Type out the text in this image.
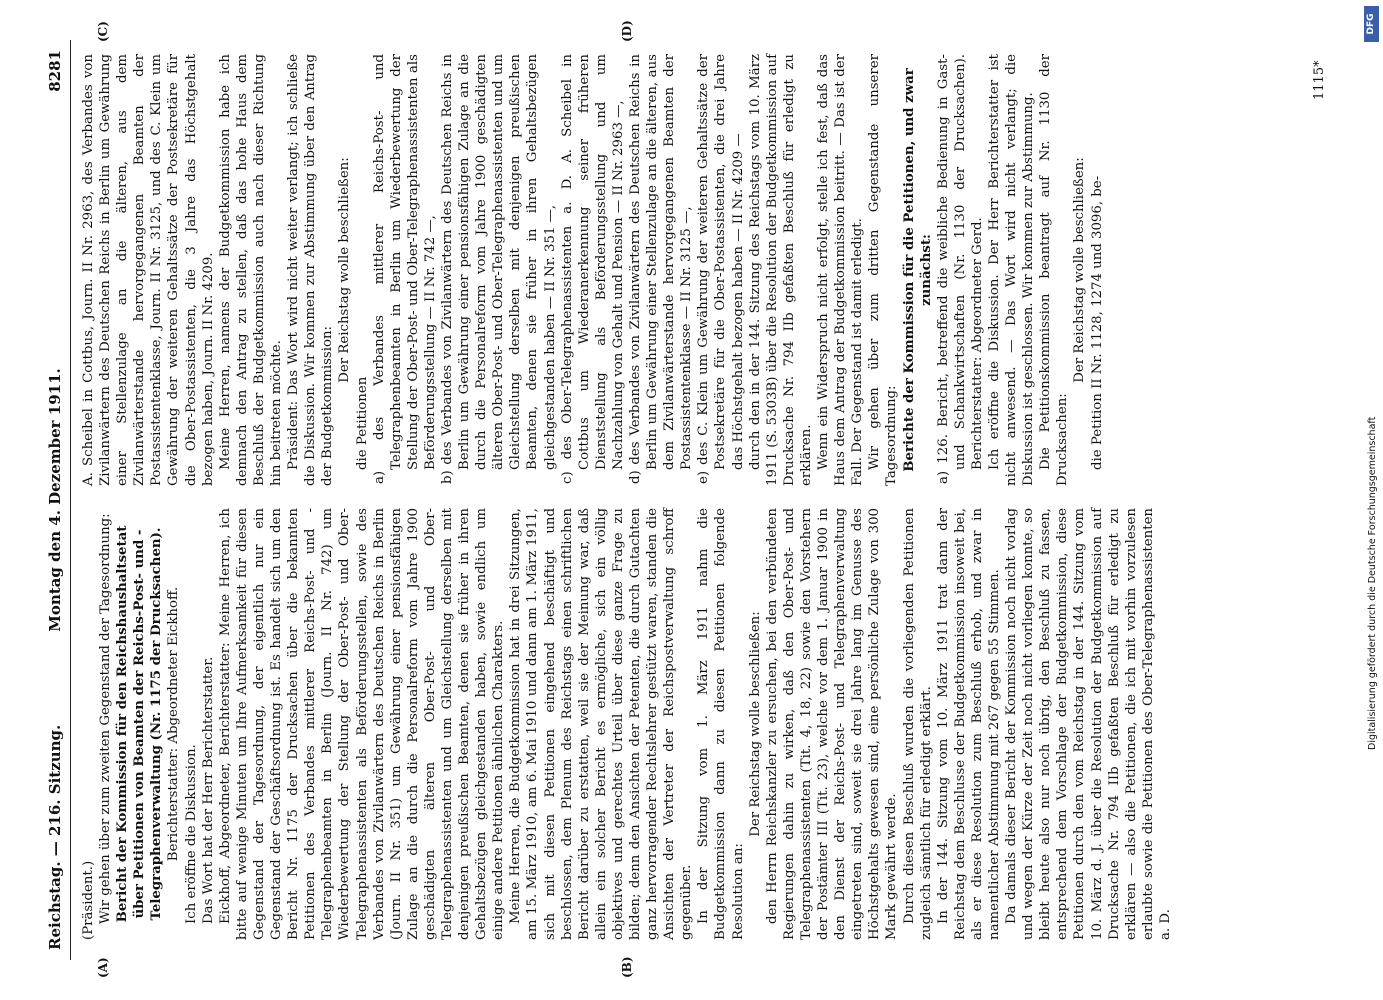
Reichstag. — 216. Sitzung.
Montag den 4. Dezember 1911.
8281
(A)	(B)
(C)	(D)

(Präsident.) Wir gehen über zum zweiten Gegenstand der Tagesordnung: Bericht der Kommission für den Reichshaushaltsetat über Petitionen von Beamten der Reichs-Post- und -Telegraphenverwaltung (Nr. 1175 der Drucksachen). Berichterstatter: Abgeordneter Eickhoff. Ich eröffne die Diskussion. Das Wort hat der Herr Berichterstatter. Eickhoff, Abgeordneter, Berichterstatter: Meine Herren, ich bitte auf wenige Minuten um Ihre Aufmerksamkeit für diesen Gegenstand der Tagesordnung, der eigentlich nur ein Gegenstand der Geschäftsordnung ist. Es handelt sich um den Bericht Nr. 1175 der Drucksachen über die bekannten Petitionen des Verbandes mittlerer Reichs-Post- und -Telegraphenbeamten in Berlin (Journ. II Nr. 742) um Wiederbewertung der Stellung der Ober-Post- und Ober-Telegraphenassistenten als Beförderungsstellen, sowie des Verbandes von Zivilanwärtern des Deutschen Reichs in Berlin (Journ. II Nr. 351) um Gewährung einer pensionsfähigen Zulage an die durch die Personalreform vom Jahre 1900 geschädigten älteren Ober-Post- und Ober-Telegraphenassistenten und um Gleichstellung derselben mit denjenigen preußischen Beamten, denen sie früher in ihren Gehaltsbezügen gleichgestanden haben, sowie endlich um einige andere Petitionen ähnlichen Charakters. Meine Herren, die Budgetkommission hat in drei Sitzungen, am 15. März 1910, am 6. Mai 1910 und dann am 1. März 1911, sich mit diesen Petitionen eingehend beschäftigt und beschlossen, dem Plenum des Reichstags einen schriftlichen Bericht darüber zu erstatten, weil sie der Meinung war, daß allein ein solcher Bericht es ermögliche, sich ein völlig objektives und gerechtes Urteil über diese ganze Frage zu bilden; denn den Ansichten der Petenten, die durch Gutachten ganz hervorragender Rechtslehrer gestützt waren, standen die Ansichten der Vertreter der Reichspostverwaltung schroff gegenüber. In der Sitzung vom 1. März 1911 nahm die Budgetkommission dann zu diesen Petitionen folgende Resolution an:

Der Reichstag wolle beschließen: den Herrn Reichskanzler zu ersuchen, bei den verbündeten Regierungen dahin zu wirken, daß den Ober-Post- und Telegraphenassistenten (Tit. 4, 18, 22) sowie den Vorstehern der Postämter III (Tit. 23), welche vor dem 1. Januar 1900 in den Dienst der Reichs-Post- und Telegraphenverwaltung eingetreten sind, soweit sie drei Jahre lang im Genusse des Höchstgehalts gewesen sind, eine persönliche Zulage von 300 Mark gewährt werde. Durch diesen Beschluß wurden die vorliegenden Petitionen zugleich sämtlich für erledigt erklärt. In der 144. Sitzung vom 10. März 1911 trat dann der Reichstag dem Beschlusse der Budgetkommission insoweit bei, als er diese Resolution zum Beschluß erhob, und zwar in namentlicher Abstimmung mit 267 gegen 55 Stimmen. Da damals dieser Bericht der Kommission noch nicht vorlag und wegen der Kürze der Zeit noch nicht vorliegen konnte, so bleibt heute also nur noch übrig, den Beschluß zu fassen, entsprechend dem Vorschlage der Budgetkommission, diese Petitionen durch den vom Reichstag in der 144. Sitzung vom 10. März d. J. über die Resolution der Budgetkommission auf Drucksache Nr. 794 IIb gefaßten Beschluß für erledigt zu erklären — also die Petitionen, die ich mit vorhin vorzulesen erlaubte sowie die Petitionen des Ober-Telegraphenassistenten a. D.

A. Scheibel in Cottbus, Journ. II Nr. 2963, des Verbandes von Zivilanwärtern des Deutschen Reichs in Berlin um Gewährung einer Stellenzulage an die älteren, aus dem Zivilanwärterstande hervorgegangenen Beamten der Postassistentenklasse, Journ. II Nr. 3125, und des C. Klein um Gewährung der weiteren Gehaltssätze der Postsekretäre für die Ober-Postassistenten, die 3 Jahre das Höchstgehalt bezogen haben, Journ. II Nr. 4209. Meine Herren, namens der Budgetkommission habe ich demnach den Antrag zu stellen, daß das hohe Haus dem Beschluß der Budgetkommission auch nach dieser Richtung hin beitreten möchte. Präsident: Das Wort wird nicht weiter verlangt; ich schließe die Diskussion. Wir kommen zur Abstimmung über den Antrag der Budgetkommission:

Der Reichstag wolle beschließen:

die Petitionen a) des Verbandes mittlerer Reichs-Post- und Telegraphenbeamten in Berlin um Wiederbewertung der Stellung der Ober-Post- und Ober-Telegraphenassistenten als Beförderungsstellung — II Nr. 742 —, b) des Verbandes von Zivilanwärtern des Deutschen Reichs in Berlin um Gewährung einer pensionsfähigen Zulage an die durch die Personalreform vom Jahre 1900 geschädigten älteren Ober-Post- und Ober-Telegraphenassistenten und um Gleichstellung derselben mit denjenigen preußischen Beamten, denen sie früher in ihren Gehaltsbezügen gleichgestanden haben — II Nr. 351 —, c) des Ober-Telegraphenassistenten a. D. A. Scheibel in Cottbus um Wiederanerkennung seiner früheren Dienststellung als Beförderungsstellung und um Nachzahlung von Gehalt und Pension — II Nr. 2963 —, d) des Verbandes von Zivilanwärtern des Deutschen Reichs in Berlin um Gewährung einer Stellenzulage an die älteren, aus dem Zivilanwärterstande hervorgegangenen Beamten der Postassistentenklasse — II Nr. 3125 —, e) des C. Klein um Gewährung der weiteren Gehaltssätze der Postsekretäre für die Ober-Postassistenten, die drei Jahre das Höchstgehalt bezogen haben — II Nr. 4209 — durch den in der 144. Sitzung des Reichstags vom 10. März 1911 (S. 5303B) über die Resolution der Budgetkommission auf Drucksache Nr. 794 IIb gefaßten Beschluß für erledigt zu erklären. Wenn ein Widerspruch nicht erfolgt, stelle ich fest, daß das Haus dem Antrag der Budgetkommission beitritt. — Das ist der Fall. Der Gegenstand ist damit erledigt. Wir gehen über zum dritten Gegenstande unserer Tagesordnung: Berichte der Kommission für die Petitionen, und zwar zunächst: a) 126. Bericht, betreffend die weibliche Bedienung in Gast- und Schankwirtschaften (Nr. 1130 der Drucksachen). Berichterstatter: Abgeordneter Gerd. Ich eröffne die Diskussion. Der Herr Berichterstatter ist nicht anwesend. — Das Wort wird nicht verlangt; die Diskussion ist geschlossen. Wir kommen zur Abstimmung. Die Petitionskommission beantragt auf Nr. 1130 der Drucksachen:

Der Reichstag wolle beschließen: die Petition II Nr. 1128, 1274 und 3096, be-

1115*
Digitalisierung gefördert durch die Deutsche Forschungsgemeinschaft
DFG
